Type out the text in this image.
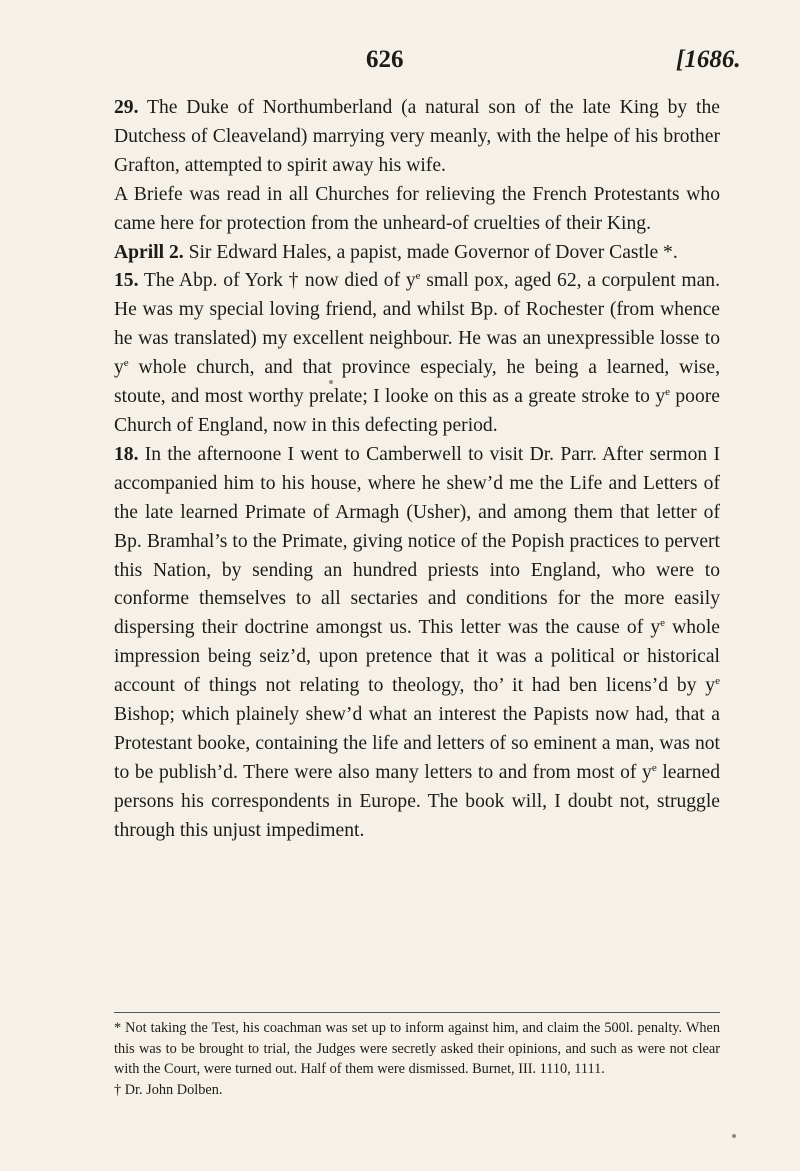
626	[1686.

29. The Duke of Northumberland (a natural son of the late King by the Dutchess of Cleaveland) marrying very meanly, with the helpe of his brother Grafton, attempted to spirit away his wife.

A Briefe was read in all Churches for relieving the French Protestants who came here for protection from the unheard-of cruelties of their King.

Aprill 2. Sir Edward Hales, a papist, made Governor of Dover Castle *.

15. The Abp. of York † now died of $y^e$ small pox, aged 62, a corpulent man. He was my special loving friend, and whilst Bp. of Rochester (from whence he was translated) my excellent neighbour. He was an unexpressible losse to $y^e$ whole church, and that province especialy, he being a learned, wise, stoute, and most worthy prelate; I looke on this as a greate stroke to $y^e$ poore Church of England, now in this defecting period.

18. In the afternoone I went to Camberwell to visit Dr. Parr. After sermon I accompanied him to his house, where he shew’d me the Life and Letters of the late learned Primate of Armagh (Usher), and among them that letter of Bp. Bramhal’s to the Primate, giving notice of the Popish practices to pervert this Nation, by sending an hundred priests into England, who were to conforme themselves to all sectaries and conditions for the more easily dispersing their doctrine amongst us. This letter was the cause of $y^e$ whole impression being seiz’d, upon pretence that it was a political or historical account of things not relating to theology, tho’ it had ben licens’d by $y^e$ Bishop; which plainely shew’d what an interest the Papists now had, that a Protestant booke, containing the life and letters of so eminent a man, was not to be publish’d. There were also many letters to and from most of $y^e$ learned persons his correspondents in Europe. The book will, I doubt not, struggle through this unjust impediment.

* Not taking the Test, his coachman was set up to inform against him, and claim the 500l. penalty. When this was to be brought to trial, the Judges were secretly asked their opinions, and such as were not clear with the Court, were turned out. Half of them were dismissed. Burnet, III. 1110, 1111.

† Dr. John Dolben.
